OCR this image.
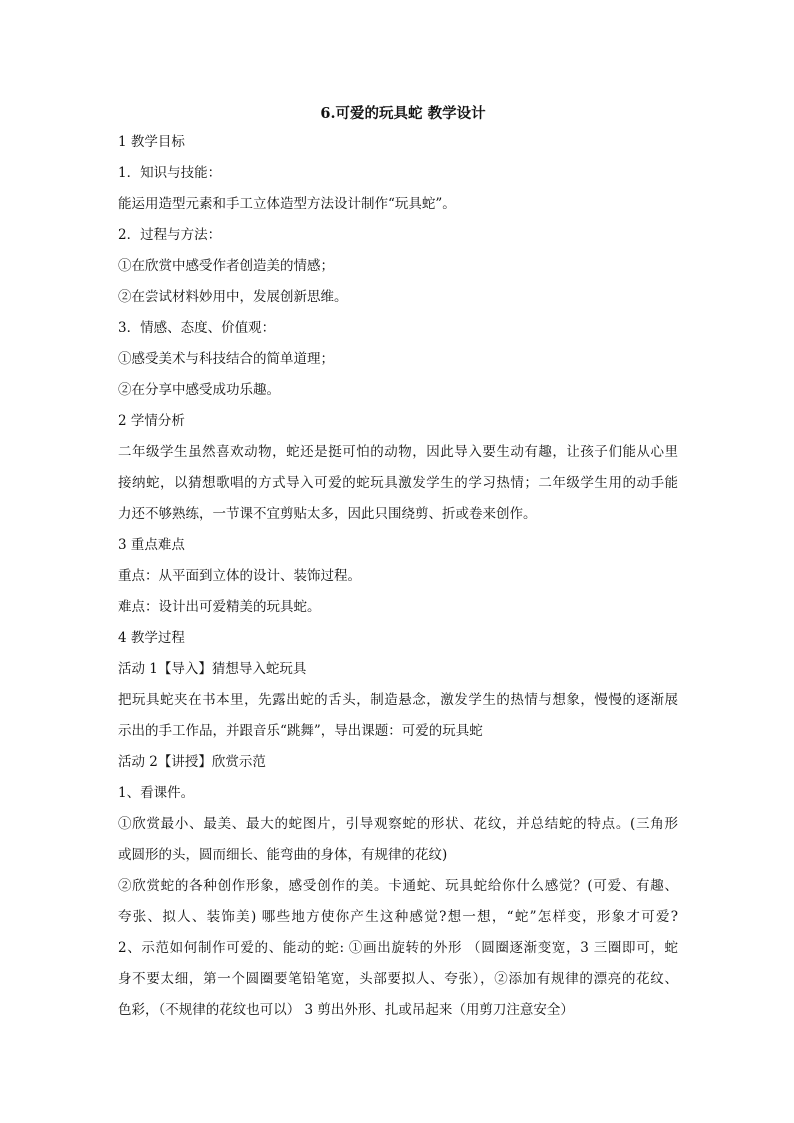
6.可爱的玩具蛇 教学设计
1 教学目标
1．知识与技能：
能运用造型元素和手工立体造型方法设计制作“玩具蛇”。
2．过程与方法：
①在欣赏中感受作者创造美的情感；
②在尝试材料妙用中，发展创新思维。
3．情感、态度、价值观：
①感受美术与科技结合的简单道理；
②在分享中感受成功乐趣。
2 学情分析
二年级学生虽然喜欢动物，蛇还是挺可怕的动物，因此导入要生动有趣，让孩子们能从心里
接纳蛇，以猜想歌唱的方式导入可爱的蛇玩具激发学生的学习热情；二年级学生用的动手能
力还不够熟练，一节课不宜剪贴太多，因此只围绕剪、折或卷来创作。
3 重点难点
重点：从平面到立体的设计、装饰过程。
难点：设计出可爱精美的玩具蛇。
4 教学过程
活动 1【导入】猜想导入蛇玩具
把玩具蛇夹在书本里，先露出蛇的舌头，制造悬念，激发学生的热情与想象，慢慢的逐渐展
示出的手工作品，并跟音乐“跳舞”，导出课题：可爱的玩具蛇
活动 2【讲授】欣赏示范
1、看课件。
①欣赏最小、最美、最大的蛇图片，引导观察蛇的形状、花纹，并总结蛇的特点。(三角形
或圆形的头，圆而细长、能弯曲的身体，有规律的花纹)
②欣赏蛇的各种创作形象，感受创作的美。卡通蛇、玩具蛇给你什么感觉？(可爱、有趣、
夸张、拟人、装饰美) 哪些地方使你产生这种感觉?想一想，“蛇”怎样变，形象才可爱?
2、示范如何制作可爱的、能动的蛇: ①画出旋转的外形 （圆圈逐渐变宽，3 三圈即可，蛇
身不要太细，第一个圆圈要笔铅笔宽，头部要拟人、夸张），②添加有规律的漂亮的花纹、
色彩，（不规律的花纹也可以） 3 剪出外形、扎或吊起来（用剪刀注意安全）
